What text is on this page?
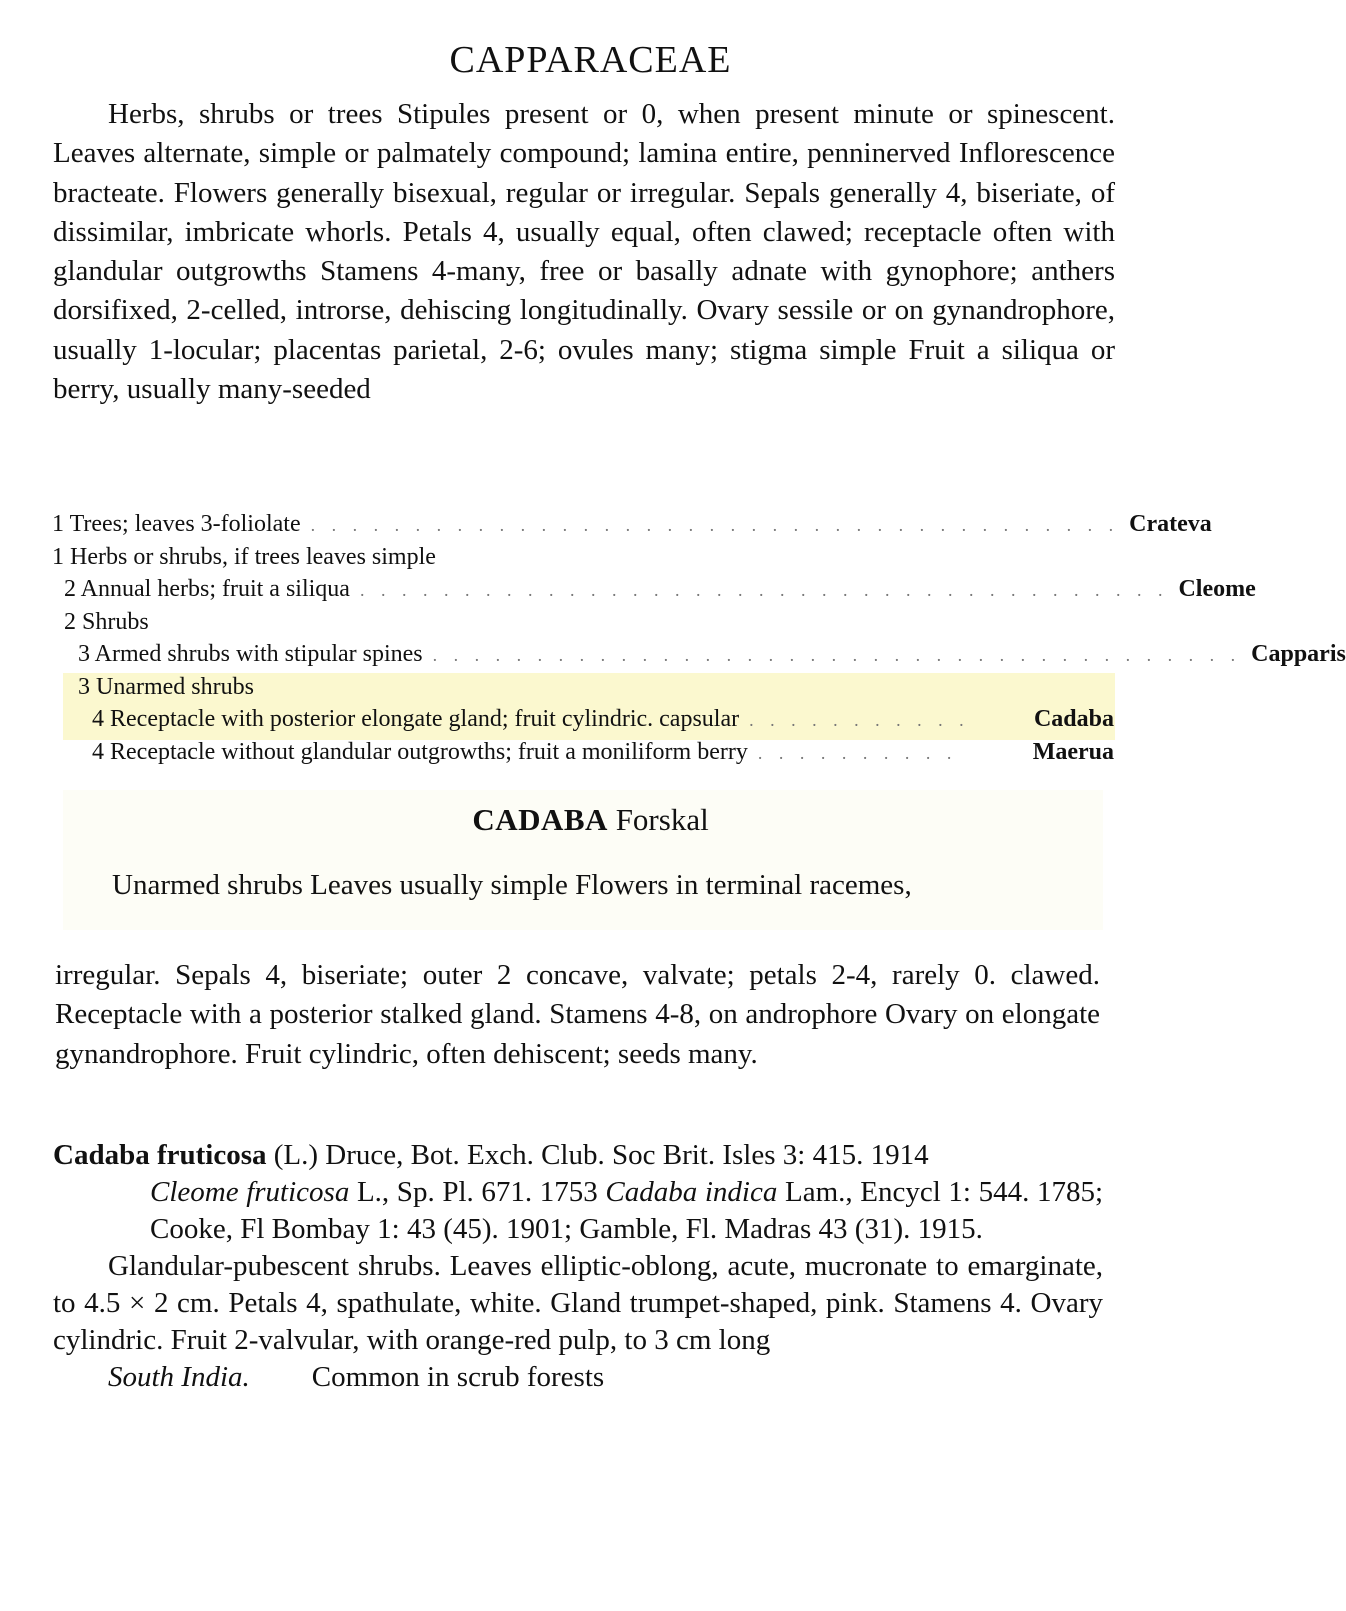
CAPPARACEAE

Herbs, shrubs or trees Stipules present or 0, when present minute or spinescent. Leaves alternate, simple or palmately compound; lamina entire, penninerved Inflorescence bracteate. Flowers generally bisexual, regular or irregular. Sepals generally 4, biseriate, of dissimilar, imbricate whorls. Petals 4, usually equal, often clawed; receptacle often with glandular outgrowths Stamens 4-many, free or basally adnate with gynophore; anthers dorsifixed, 2-celled, introrse, dehiscing longitudinally. Ovary sessile or on gynandrophore, usually 1-locular; placentas parietal, 2-6; ovules many; stigma simple Fruit a siliqua or berry, usually many-seeded

1 Trees; leaves 3-foliolate . . . . . . . . . . . . . . . . . . . . . . . . . . . . . . . . . . . . . . . Crateva
1 Herbs or shrubs, if trees leaves simple
2 Annual herbs; fruit a siliqua . . . . . . . . . . . . . . . . . . . . . . . . . . . . . . . . . . . . . . . Cleome
2 Shrubs
3 Armed shrubs with stipular spines . . . . . . . . . . . . . . . . . . . . . . . . . . . . . . . . . . . . . . . Capparis
3 Unarmed shrubs
4 Receptacle with posterior elongate gland; fruit cylindric. capsular . . . . . . . . . . .	Cadaba
4 Receptacle without glandular outgrowths; fruit a moniliform berry . . . . . . . . . .	Maerua
CADABA Forskal

Unarmed shrubs Leaves usually simple Flowers in terminal racemes,

irregular. Sepals 4, biseriate; outer 2 concave, valvate; petals 2-4, rarely 0. clawed. Receptacle with a posterior stalked gland. Stamens 4-8, on androphore Ovary on elongate gynandrophore. Fruit cylindric, often dehiscent; seeds many.

Cadaba fruticosa (L.) Druce, Bot. Exch. Club. Soc Brit. Isles 3: 415. 1914
Cleome fruticosa L., Sp. Pl. 671. 1753 Cadaba indica Lam., Encycl 1: 544. 1785; Cooke, Fl Bombay 1: 43 (45). 1901; Gamble, Fl. Madras 43 (31). 1915.
Glandular-pubescent shrubs. Leaves elliptic-oblong, acute, mucronate to emarginate, to 4.5 × 2 cm. Petals 4, spathulate, white. Gland trumpet-shaped, pink. Stamens 4. Ovary cylindric. Fruit 2-valvular, with orange-red pulp, to 3 cm long
South India. Common in scrub forests
